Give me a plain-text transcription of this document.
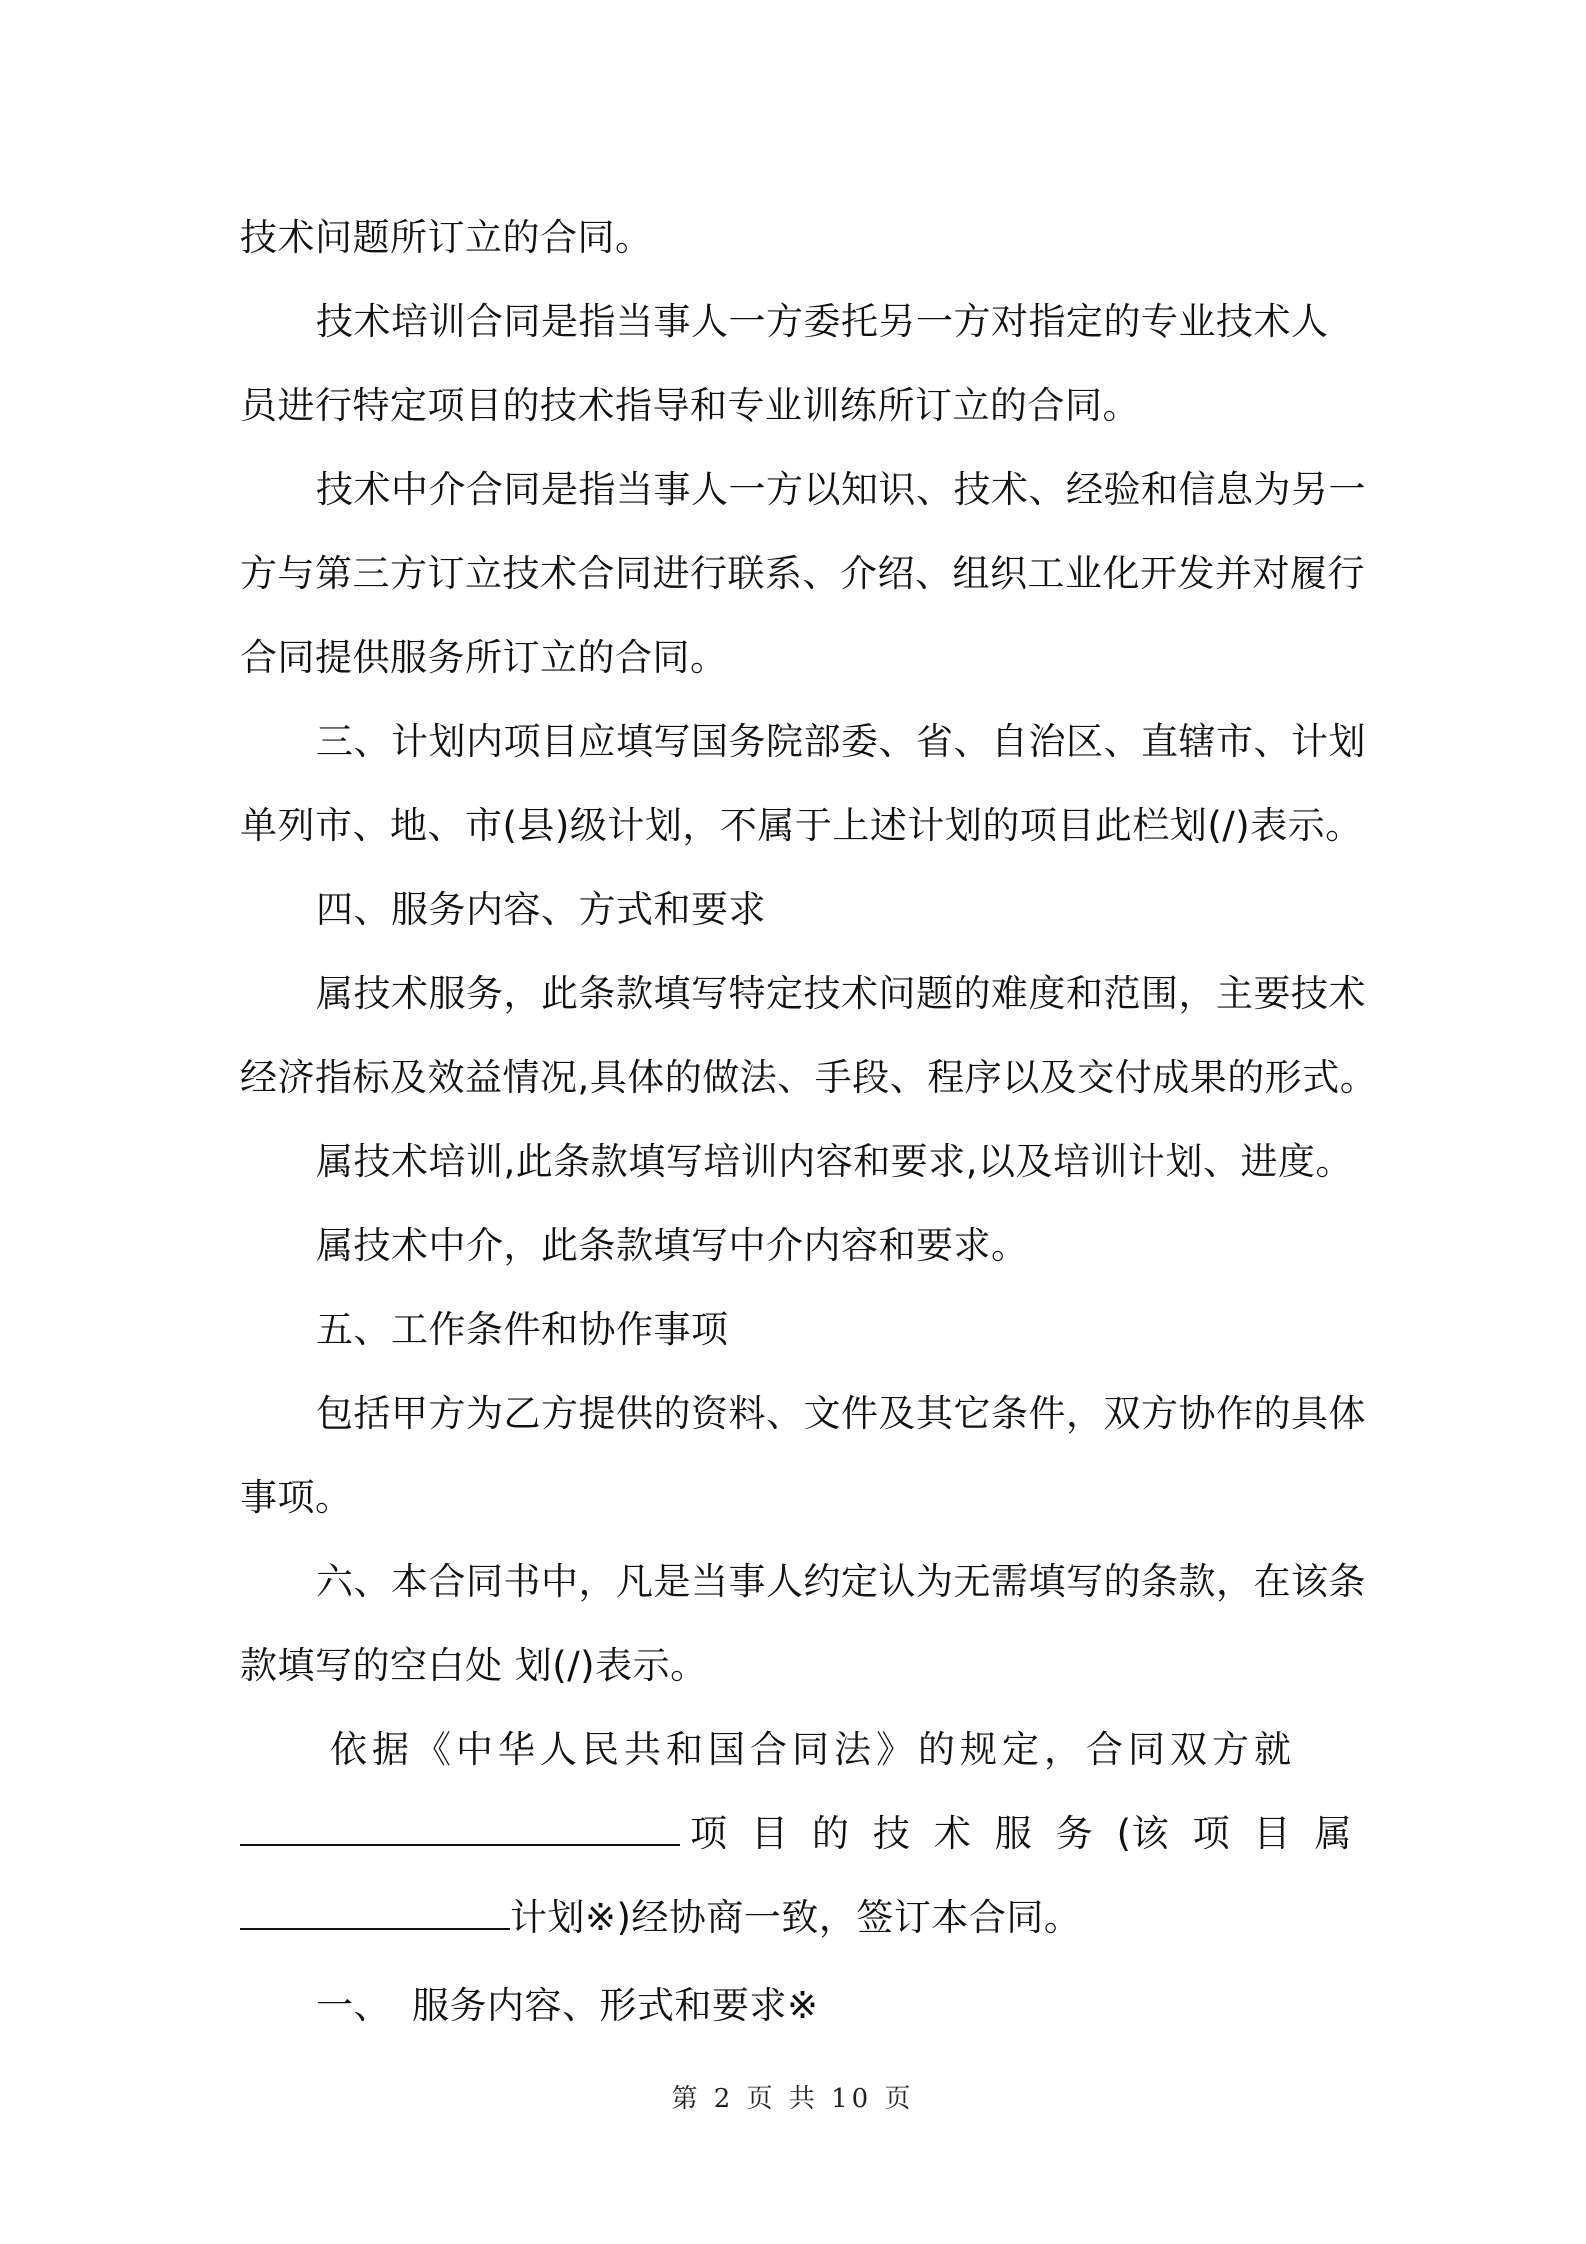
技术问题所订立的合同。
技术培训合同是指当事人一方委托另一方对指定的专业技术人
员进行特定项目的技术指导和专业训练所订立的合同。
技术中介合同是指当事人一方以知识、技术、经验和信息为另一
方与第三方订立技术合同进行联系、介绍、组织工业化开发并对履行
合同提供服务所订立的合同。
三、计划内项目应填写国务院部委、省、自治区、直辖市、计划
单列市、地、市(县)级计划，不属于上述计划的项目此栏划(/)表示。
四、服务内容、方式和要求
属技术服务，此条款填写特定技术问题的难度和范围，主要技术
经济指标及效益情况,具体的做法、手段、程序以及交付成果的形式。
属技术培训,此条款填写培训内容和要求,以及培训计划、进度。
属技术中介，此条款填写中介内容和要求。
五、工作条件和协作事项
包括甲方为乙方提供的资料、文件及其它条件，双方协作的具体
事项。
六、本合同书中，凡是当事人约定认为无需填写的条款，在该条
款填写的空白处 划(/)表示。
依据《中华人民共和国合同法》的规定，合同双方就
项 目 的 技 术 服 务 (该 项 目 属
计划※)经协商一致，签订本合同。
一、 服务内容、形式和要求※
第 2 页 共 10 页
